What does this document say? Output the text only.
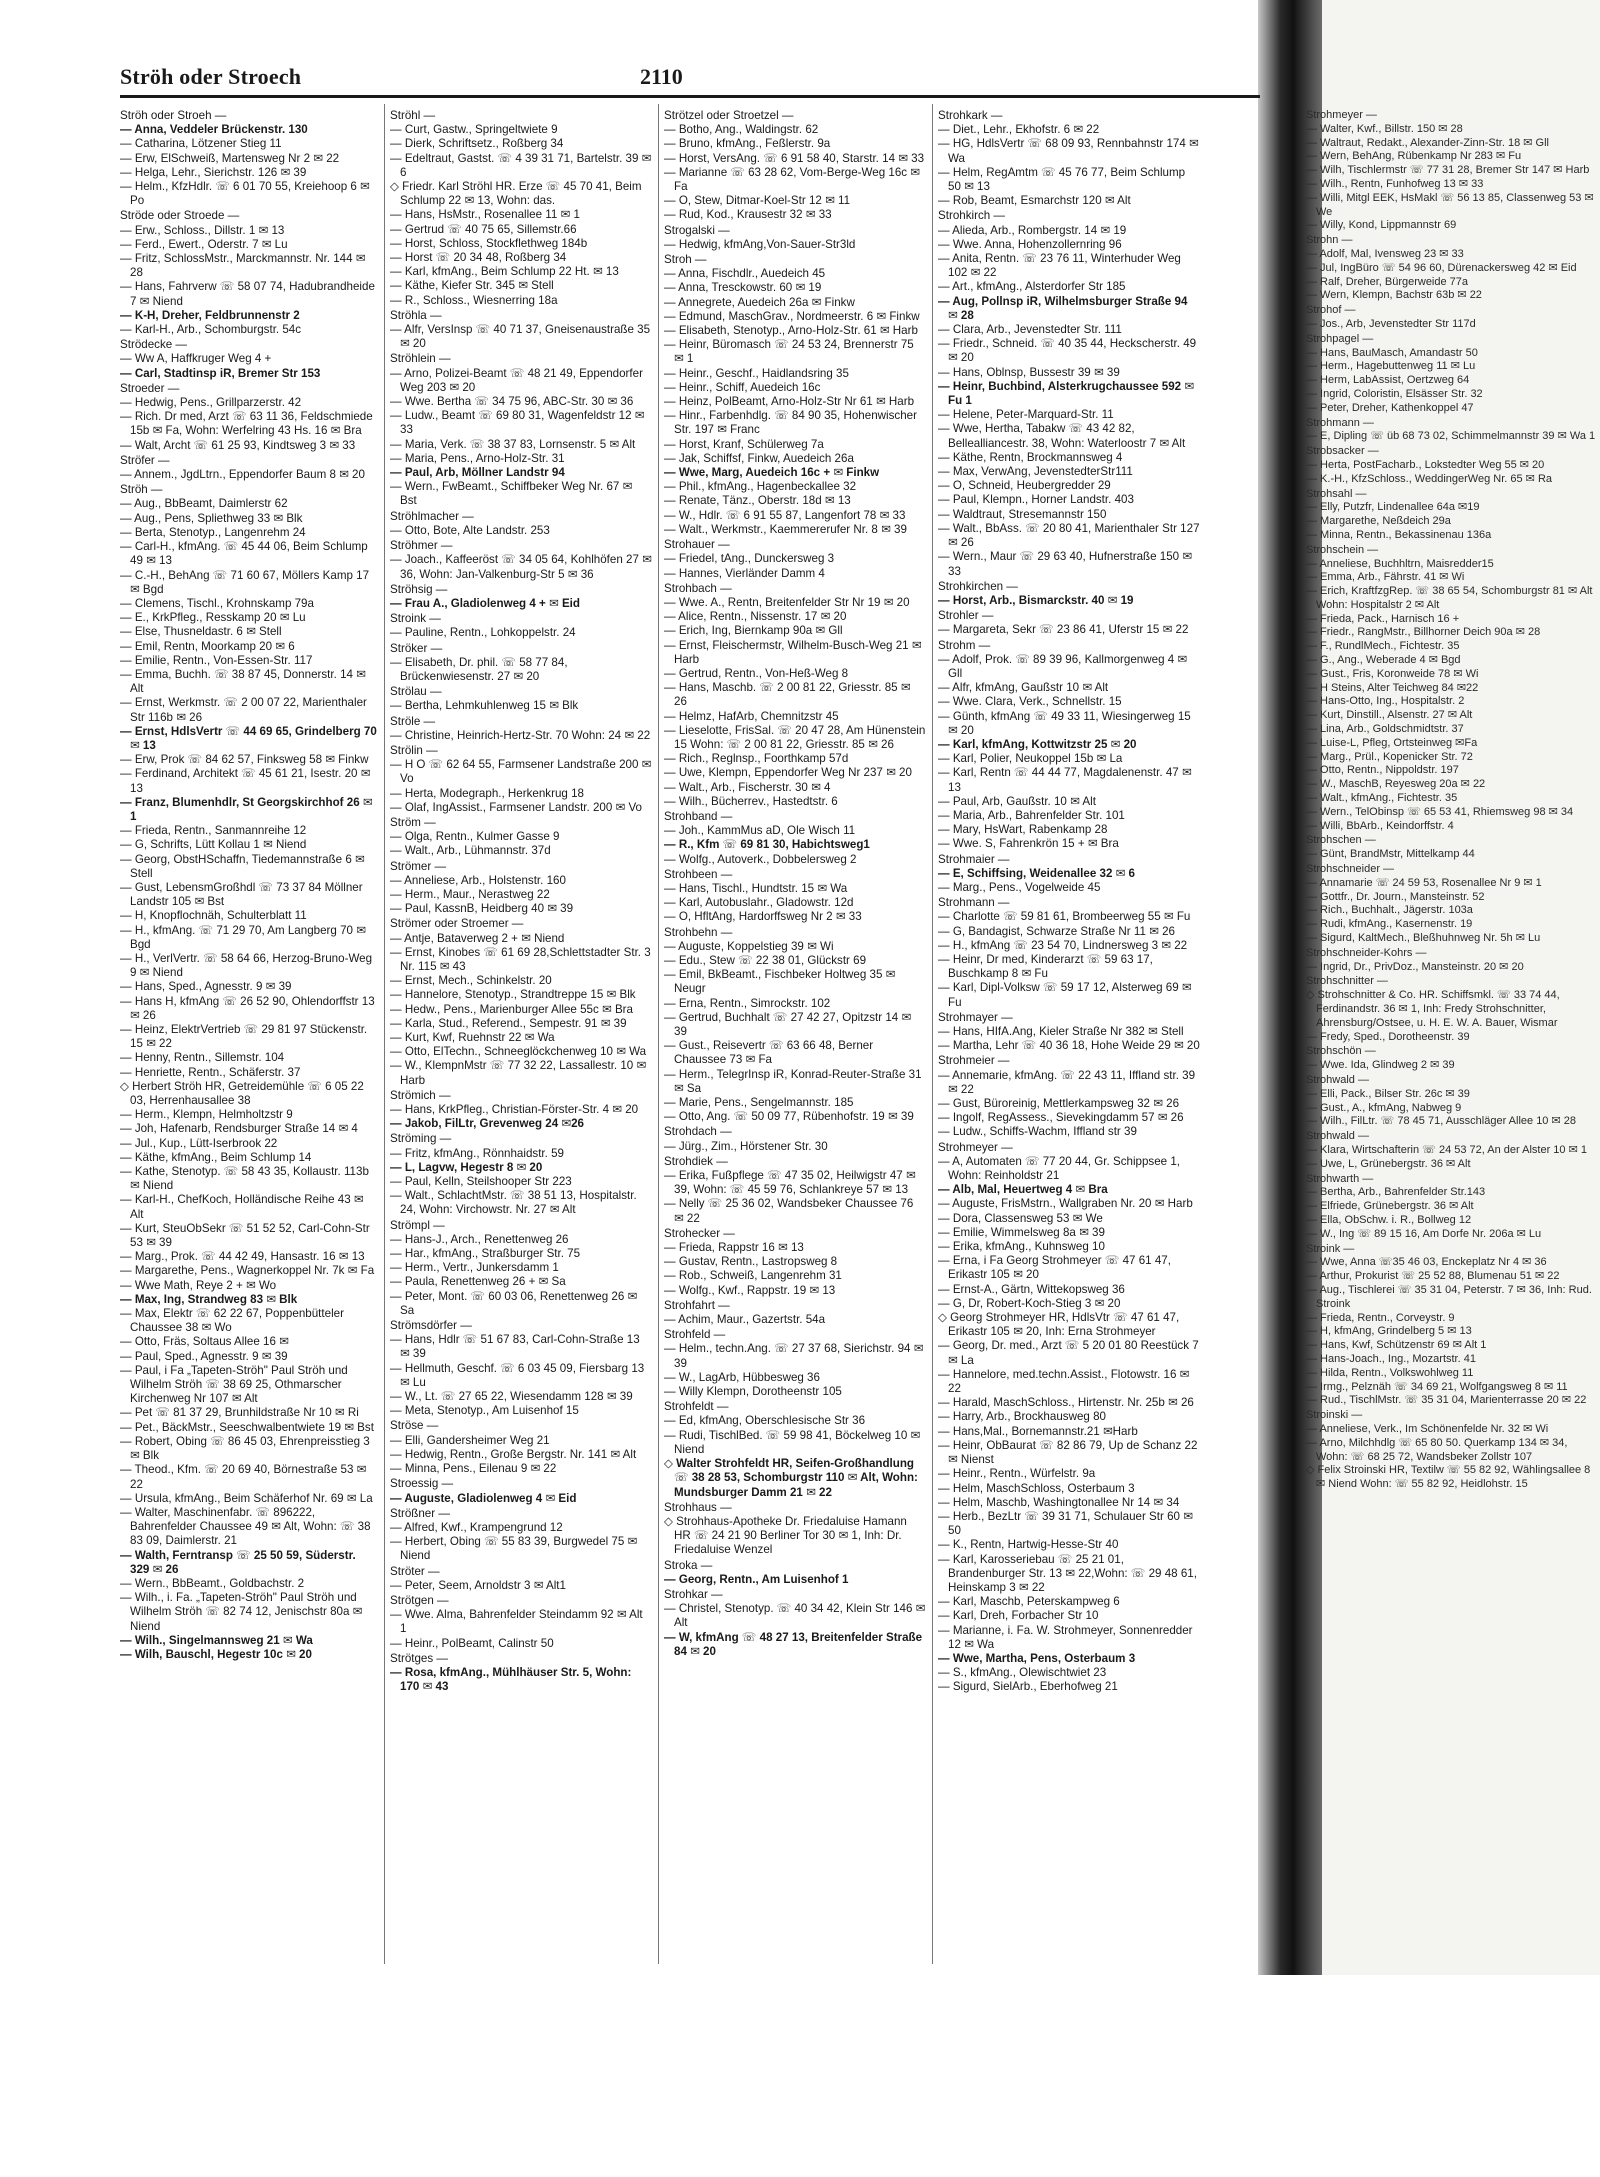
Ströh oder Stroech	2110

Ströh oder Stroeh —

— Anna, Veddeler Brückenstr. 130

— Catharina, Lötzener Stieg 11

— Erw, ElSchweiß, Martensweg Nr 2 ✉ 22

— Helga, Lehr., Sierichstr. 126 ✉ 39

— Helm., KfzHdlr. ☏ 6 01 70 55, Kreiehoop 6 ✉ Po

Ströde oder Stroede —

— Erw., Schloss., Dillstr. 1 ✉ 13

— Ferd., Ewert., Oderstr. 7 ✉ Lu

— Fritz, SchlossMstr., Marckmannstr. Nr. 144 ✉ 28

— Hans, Fahrverw ☏ 58 07 74, Hadubrandheide 7 ✉ Niend

— K-H, Dreher, Feldbrunnenstr 2

— Karl-H., Arb., Schomburgstr. 54c

Strödecke —

— Ww A, Haffkruger Weg 4 +

— Carl, Stadtinsp iR, Bremer Str 153

Stroeder —

— Hedwig, Pens., Grillparzerstr. 42

— Rich. Dr med, Arzt ☏ 63 11 36, Feldschmiede 15b ✉ Fa, Wohn: Werfelring 43 Hs. 16 ✉ Bra

— Walt, Archt ☏ 61 25 93, Kindtsweg 3 ✉ 33

Ströfer —

— Annem., JgdLtrn., Eppendorfer Baum 8 ✉ 20

Ströh —

— Aug., BbBeamt, Daimlerstr 62

— Aug., Pens, Spliethweg 33 ✉ Blk

— Berta, Stenotyp., Langenrehm 24

— Carl-H., kfmAng. ☏ 45 44 06, Beim Schlump 49 ✉ 13

— C.-H., BehAng ☏ 71 60 67, Möllers Kamp 17 ✉ Bgd

— Clemens, Tischl., Krohnskamp 79a

— E., KrkPfleg., Resskamp 20 ✉ Lu

— Else, Thusneldastr. 6 ✉ Stell

— Emil, Rentn, Moorkamp 20 ✉ 6

— Emilie, Rentn., Von-Essen-Str. 117

— Emma, Buchh. ☏ 38 87 45, Donnerstr. 14 ✉ Alt

— Ernst, Werkmstr. ☏ 2 00 07 22, Marienthaler Str 116b ✉ 26

— Ernst, HdlsVertr ☏ 44 69 65, Grindelberg 70 ✉ 13

— Erw, Prok ☏ 84 62 57, Finksweg 58 ✉ Finkw

— Ferdinand, Architekt ☏ 45 61 21, Isestr. 20 ✉ 13

— Franz, Blumenhdlr, St Georgskirchhof 26 ✉ 1

— Frieda, Rentn., Sanmannreihe 12

— G, Schrifts, Lütt Kollau 1 ✉ Niend

— Georg, ObstHSchaffn, Tiedemannstraße 6 ✉ Stell

— Gust, LebensmGroßhdl ☏ 73 37 84 Möllner Landstr 105 ✉ Bst

— H, Knopflochnäh, Schulterblatt 11

— H., kfmAng. ☏ 71 29 70, Am Langberg 70 ✉ Bgd

— H., VerlVertr. ☏ 58 64 66, Herzog-Bruno-Weg 9 ✉ Niend

— Hans, Sped., Agnesstr. 9 ✉ 39

— Hans H, kfmAng ☏ 26 52 90, Ohlendorffstr 13 ✉ 26

— Heinz, ElektrVertrieb ☏ 29 81 97 Stückenstr. 15 ✉ 22

— Henny, Rentn., Sillemstr. 104

— Henriette, Rentn., Schäferstr. 37

◇ Herbert Ströh HR, Getreidemühle ☏ 6 05 22 03, Herrenhausallee 38

— Herm., Klempn, Helmholtzstr 9

— Joh, Hafenarb, Rendsburger Straße 14 ✉ 4

— Jul., Kup., Lütt-Iserbrook 22

— Käthe, kfmAng., Beim Schlump 14

— Kathe, Stenotyp. ☏ 58 43 35, Kollaustr. 113b ✉ Niend

— Karl-H., ChefKoch, Holländische Reihe 43 ✉ Alt

— Kurt, SteuObSekr ☏ 51 52 52, Carl-Cohn-Str 53 ✉ 39

— Marg., Prok. ☏ 44 42 49, Hansastr. 16 ✉ 13

— Margarethe, Pens., Wagnerkoppel Nr. 7k ✉ Fa

— Wwe Math, Reye 2 + ✉ Wo

— Max, Ing, Strandweg 83 ✉ Blk

— Max, Elektr ☏ 62 22 67, Poppenbütteler Chaussee 38 ✉ Wo

— Otto, Fräs, Soltaus Allee 16 ✉

— Paul, Sped., Agnesstr. 9 ✉ 39

— Paul, i Fa „Tapeten-Ströh" Paul Ströh und Wilhelm Ströh ☏ 38 69 25, Othmarscher Kirchenweg Nr 107 ✉ Alt

— Pet ☏ 81 37 29, Brunhildstraße Nr 10 ✉ Ri

— Pet., BäckMstr., Seeschwalbentwiete 19 ✉ Bst

— Robert, Obing ☏ 86 45 03, Ehrenpreisstieg 3 ✉ Blk

— Theod., Kfm. ☏ 20 69 40, Börnestraße 53 ✉ 22

— Ursula, kfmAng., Beim Schäferhof Nr. 69 ✉ La

— Walter, Maschinenfabr. ☏ 896222, Bahrenfelder Chaussee 49 ✉ Alt, Wohn: ☏ 38 83 09, Daimlerstr. 21

— Walth, Ferntransp ☏ 25 50 59, Süderstr. 329 ✉ 26

— Wern., BbBeamt., Goldbachstr. 2

— Wilh., i. Fa. „Tapeten-Ströh" Paul Ströh und Wilhelm Ströh ☏ 82 74 12, Jenischstr 80a ✉ Niend

— Wilh., Singelmannsweg 21 ✉ Wa

— Wilh, Bauschl, Hegestr 10c ✉ 20

Ströhl —

— Curt, Gastw., Springeltwiete 9

— Dierk, Schriftsetz., Roßberg 34

— Edeltraut, Gastst. ☏ 4 39 31 71, Bartelstr. 39 ✉ 6

◇ Friedr. Karl Ströhl HR. Erze ☏ 45 70 41, Beim Schlump 22 ✉ 13, Wohn: das.

— Hans, HsMstr., Rosenallee 11 ✉ 1

— Gertrud ☏ 40 75 65, Sillemstr.66

— Horst, Schloss, Stockflethweg 184b

— Horst ☏ 20 34 48, Roßberg 34

— Karl, kfmAng., Beim Schlump 22 Ht. ✉ 13

— Käthe, Kiefer Str. 345 ✉ Stell

— R., Schloss., Wiesnerring 18a

Ströhla —

— Alfr, VersInsp ☏ 40 71 37, Gneisenaustraße 35 ✉ 20

Ströhlein —

— Arno, Polizei-Beamt ☏ 48 21 49, Eppendorfer Weg 203 ✉ 20

— Wwe. Bertha ☏ 34 75 96, ABC-Str. 30 ✉ 36

— Ludw., Beamt ☏ 69 80 31, Wagenfeldstr 12 ✉ 33

— Maria, Verk. ☏ 38 37 83, Lornsenstr. 5 ✉ Alt

— Maria, Pens., Arno-Holz-Str. 31

— Paul, Arb, Möllner Landstr 94

— Wern., FwBeamt., Schiffbeker Weg Nr. 67 ✉ Bst

Ströhlmacher —

— Otto, Bote, Alte Landstr. 253

Ströhmer —

— Joach., Kaffeeröst ☏ 34 05 64, Kohlhöfen 27 ✉ 36, Wohn: Jan-Valkenburg-Str 5 ✉ 36

Ströhsig —

— Frau A., Gladiolenweg 4 + ✉ Eid

Stroink —

— Pauline, Rentn., Lohkoppelstr. 24

Ströker —

— Elisabeth, Dr. phil. ☏ 58 77 84, Brückenwiesenstr. 27 ✉ 20

Strölau —

— Bertha, Lehmkuhlenweg 15 ✉ Blk

Ströle —

— Christine, Heinrich-Hertz-Str. 70 Wohn: 24 ✉ 22

Strölin —

— H O ☏ 62 64 55, Farmsener Landstraße 200 ✉ Vo

— Herta, Modegraph., Herkenkrug 18

— Olaf, IngAssist., Farmsener Landstr. 200 ✉ Vo

Ström —

— Olga, Rentn., Kulmer Gasse 9

— Walt., Arb., Lühmannstr. 37d

Strömer —

— Anneliese, Arb., Holstenstr. 160

— Herm., Maur., Nerastweg 22

— Paul, KassnB, Heidberg 40 ✉ 39

Strömer oder Stroemer —

— Antje, Bataverweg 2 + ✉ Niend

— Ernst, Kinobes ☏ 61 69 28,Schlettstadter Str. 3 Nr. 115 ✉ 43

— Ernst, Mech., Schinkelstr. 20

— Hannelore, Stenotyp., Strandtreppe 15 ✉ Blk

— Hedw., Pens., Marienburger Allee 55c ✉ Bra

— Karla, Stud., Referend., Sempestr. 91 ✉ 39

— Kurt, Kwf, Ruehnstr 22 ✉ Wa

— Otto, ElTechn., Schneeglöckchenweg 10 ✉ Wa

— W., KlempnMstr ☏ 77 32 22, Lassallestr. 10 ✉ Harb

Strömich —

— Hans, KrkPfleg., Christian-Förster-Str. 4 ✉ 20

— Jakob, FilLtr, Grevenweg 24 ✉26

Ströming —

— Fritz, kfmAng., Rönnhaidstr. 59

— L, Lagvw, Hegestr 8 ✉ 20

— Paul, Kelln, Steilshooper Str 223

— Walt., SchlachtMstr. ☏ 38 51 13, Hospitalstr. 24, Wohn: Virchowstr. Nr. 27 ✉ Alt

Strömpl —

— Hans-J., Arch., Renettenweg 26

— Har., kfmAng., Straßburger Str. 75

— Herm., Vertr., Junkersdamm 1

— Paula, Renettenweg 26 + ✉ Sa

— Peter, Mont. ☏ 60 03 06, Renettenweg 26 ✉ Sa

Strömsdörfer —

— Hans, Hdlr ☏ 51 67 83, Carl-Cohn-Straße 13 ✉ 39

— Hellmuth, Geschf. ☏ 6 03 45 09, Fiersbarg 13 ✉ Lu

— W., Lt. ☏ 27 65 22, Wiesendamm 128 ✉ 39

— Meta, Stenotyp., Am Luisenhof 15

Ströse —

— Elli, Gandersheimer Weg 21

— Hedwig, Rentn., Große Bergstr. Nr. 141 ✉ Alt

— Minna, Pens., Eilenau 9 ✉ 22

Stroessig —

— Auguste, Gladiolenweg 4 ✉ Eid

Strößner —

— Alfred, Kwf., Krampengrund 12

— Herbert, Obing ☏ 55 83 39, Burgwedel 75 ✉ Niend

Ströter —

— Peter, Seem, Arnoldstr 3 ✉ Alt1

Strötgen —

— Wwe. Alma, Bahrenfelder Steindamm 92 ✉ Alt 1

— Heinr., PolBeamt, Calinstr 50

Strötges —

— Rosa, kfmAng., Mühlhäuser Str. 5, Wohn: 170 ✉ 43

Strötzel oder Stroetzel —

— Botho, Ang., Waldingstr. 62

— Bruno, kfmAng., Feßlerstr. 9a

— Horst, VersAng. ☏ 6 91 58 40, Starstr. 14 ✉ 33

— Marianne ☏ 63 28 62, Vom-Berge-Weg 16c ✉ Fa

— O, Stew, Ditmar-Koel-Str 12 ✉ 11

— Rud, Kod., Krausestr 32 ✉ 33

Strogalski —

— Hedwig, kfmAng,Von-Sauer-Str3ld

Stroh —

— Anna, Fischdlr., Auedeich 45

— Anna, Tresckowstr. 60 ✉ 19

— Annegrete, Auedeich 26a ✉ Finkw

— Edmund, MaschGrav., Nordmeerstr. 6 ✉ Finkw

— Elisabeth, Stenotyp., Arno-Holz-Str. 61 ✉ Harb

— Heinr, Büromasch ☏ 24 53 24, Brennerstr 75 ✉ 1

— Heinr., Geschf., Haidlandsring 35

— Heinr., Schiff, Auedeich 16c

— Heinz, PolBeamt, Arno-Holz-Str Nr 61 ✉ Harb

— Hinr., Farbenhdlg. ☏ 84 90 35, Hohenwischer Str. 197 ✉ Franc

— Horst, Kranf, Schülerweg 7a

— Jak, Schiffsf, Finkw, Auedeich 26a

— Wwe, Marg, Auedeich 16c + ✉ Finkw

— Phil., kfmAng., Hagenbeckallee 32

— Renate, Tänz., Oberstr. 18d ✉ 13

— W., Hdlr. ☏ 6 91 55 87, Langenfort 78 ✉ 33

— Walt., Werkmstr., Kaemmererufer Nr. 8 ✉ 39

Strohauer —

— Friedel, tAng., Dunckersweg 3

— Hannes, Vierländer Damm 4

Strohbach —

— Wwe. A., Rentn, Breitenfelder Str Nr 19 ✉ 20

— Alice, Rentn., Nissenstr. 17 ✉ 20

— Erich, Ing, Biernkamp 90a ✉ Gll

— Ernst, Fleischermstr, Wilhelm-Busch-Weg 21 ✉ Harb

— Gertrud, Rentn., Von-Heß-Weg 8

— Hans, Maschb. ☏ 2 00 81 22, Griesstr. 85 ✉ 26

— Helmz, HafArb, Chemnitzstr 45

— Lieselotte, FrisSal. ☏ 20 47 28, Am Hünenstein 15 Wohn: ☏ 2 00 81 22, Griesstr. 85 ✉ 26

— Rich., Reglnsp., Foorthkamp 57d

— Uwe, Klempn, Eppendorfer Weg Nr 237 ✉ 20

— Walt., Arb., Fischerstr. 30 ✉ 4

— Wilh., Bücherrev., Hastedtstr. 6

Strohband —

— Joh., KammMus aD, Ole Wisch 11

— R., Kfm ☏ 69 81 30, Habichtsweg1

— Wolfg., Autoverk., Dobbelersweg 2

Strohbeen —

— Hans, Tischl., Hundtstr. 15 ✉ Wa

— Karl, Autobuslahr., Gladowstr. 12d

— O, HfltAng, Hardorffsweg Nr 2 ✉ 33

Strohbehn —

— Auguste, Koppelstieg 39 ✉ Wi

— Edu., Stew ☏ 22 38 01, Glückstr 69

— Emil, BkBeamt., Fischbeker Holtweg 35 ✉ Neugr

— Erna, Rentn., Simrockstr. 102

— Gertrud, Buchhalt ☏ 27 42 27, Opitzstr 14 ✉ 39

— Gust., Reisevertr ☏ 63 66 48, Berner Chaussee 73 ✉ Fa

— Herm., TelegrInsp iR, Konrad-Reuter-Straße 31 ✉ Sa

— Marie, Pens., Sengelmannstr. 185

— Otto, Ang. ☏ 50 09 77, Rübenhofstr. 19 ✉ 39

Strohdach —

— Jürg., Zim., Hörstener Str. 30

Strohdiek —

— Erika, Fußpflege ☏ 47 35 02, Heilwigstr 47 ✉ 39, Wohn: ☏ 45 59 76, Schlankreye 57 ✉ 13

— Nelly ☏ 25 36 02, Wandsbeker Chaussee 76 ✉ 22

Strohecker —

— Frieda, Rappstr 16 ✉ 13

— Gustav, Rentn., Lastropsweg 8

— Rob., Schweiß, Langenrehm 31

— Wolfg., Kwf., Rappstr. 19 ✉ 13

Strohfahrt —

— Achim, Maur., Gazertstr. 54a

Strohfeld —

— Helm., techn.Ang. ☏ 27 37 68, Sierichstr. 94 ✉ 39

— W., LagArb, Hübbesweg 36

— Willy Klempn, Dorotheenstr 105

Strohfeldt —

— Ed, kfmAng, Oberschlesische Str 36

— Rudi, TischlBed. ☏ 59 98 41, Böckelweg 10 ✉ Niend

◇ Walter Strohfeldt HR, Seifen-Großhandlung ☏ 38 28 53, Schomburgstr 110 ✉ Alt, Wohn: Mundsburger Damm 21 ✉ 22

Strohhaus —

◇ Strohhaus-Apotheke Dr. Friedaluise Hamann HR ☏ 24 21 90 Berliner Tor 30 ✉ 1, Inh: Dr. Friedaluise Wenzel

Stroka —

— Georg, Rentn., Am Luisenhof 1

Strohkar —

— Christel, Stenotyp. ☏ 40 34 42, Klein Str 146 ✉ Alt

— W, kfmAng ☏ 48 27 13, Breitenfelder Straße 84 ✉ 20

Strohkark —

— Diet., Lehr., Ekhofstr. 6 ✉ 22

— HG, HdlsVertr ☏ 68 09 93, Rennbahnstr 174 ✉ Wa

— Helm, RegAmtm ☏ 45 76 77, Beim Schlump 50 ✉ 13

— Rob, Beamt, Esmarchstr 120 ✉ Alt

Strohkirch —

— Alieda, Arb., Rombergstr. 14 ✉ 19

— Wwe. Anna, Hohenzollernring 96

— Anita, Rentn. ☏ 23 76 11, Winterhuder Weg 102 ✉ 22

— Art., kfmAng., Alsterdorfer Str 185

— Aug, Pollnsp iR, Wilhelmsburger Straße 94 ✉ 28

— Clara, Arb., Jevenstedter Str. 111

— Friedr., Schneid. ☏ 40 35 44, Heckscherstr. 49 ✉ 20

— Hans, Oblnsp, Bussestr 39 ✉ 39

— Heinr, Buchbind, Alsterkrugchaussee 592 ✉ Fu 1

— Helene, Peter-Marquard-Str. 11

— Wwe, Hertha, Tabakw ☏ 43 42 82, Bellealliancestr. 38, Wohn: Waterloostr 7 ✉ Alt

— Käthe, Rentn, Brockmannsweg 4

— Max, VerwAng, JevenstedterStr111

— O, Schneid, Heubergredder 29

— Paul, Klempn., Horner Landstr. 403

— Waldtraut, Stresemannstr 150

— Walt., BbAss. ☏ 20 80 41, Marienthaler Str 127 ✉ 26

— Wern., Maur ☏ 29 63 40, Hufnerstraße 150 ✉ 33

Strohkirchen —

— Horst, Arb., Bismarckstr. 40 ✉ 19

Strohler —

— Margareta, Sekr ☏ 23 86 41, Uferstr 15 ✉ 22

Strohm —

— Adolf, Prok. ☏ 89 39 96, Kallmorgenweg 4 ✉ Gll

— Alfr, kfmAng, Gaußstr 10 ✉ Alt

— Wwe. Clara, Verk., Schnellstr. 15

— Günth, kfmAng ☏ 49 33 11, Wiesingerweg 15 ✉ 20

— Karl, kfmAng, Kottwitzstr 25 ✉ 20

— Karl, Polier, Neukoppel 15b ✉ La

— Karl, Rentn ☏ 44 44 77, Magdalenenstr. 47 ✉ 13

— Paul, Arb, Gaußstr. 10 ✉ Alt

— Maria, Arb., Bahrenfelder Str. 101

— Mary, HsWart, Rabenkamp 28

— Wwe. S, Fahrenkrön 15 + ✉ Bra

Strohmaier —

— E, Schiffsing, Weidenallee 32 ✉ 6

— Marg., Pens., Vogelweide 45

Strohmann —

— Charlotte ☏ 59 81 61, Brombeerweg 55 ✉ Fu

— G, Bandagist, Schwarze Straße Nr 11 ✉ 26

— H., kfmAng ☏ 23 54 70, Lindnersweg 3 ✉ 22

— Heinr, Dr med, Kinderarzt ☏ 59 63 17, Buschkamp 8 ✉ Fu

— Karl, Dipl-Volksw ☏ 59 17 12, Alsterweg 69 ✉ Fu

Strohmayer —

— Hans, HIfA.Ang, Kieler Straße Nr 382 ✉ Stell

— Martha, Lehr ☏ 40 36 18, Hohe Weide 29 ✉ 20

Strohmeier —

— Annemarie, kfmAng. ☏ 22 43 11, Iffland str. 39 ✉ 22

— Gust, Büroreinig, Mettlerkampsweg 32 ✉ 26

— Ingolf, RegAssess., Sievekingdamm 57 ✉ 26

— Ludw., Schiffs-Wachm, Iffland str 39

Strohmeyer —

— A, Automaten ☏ 77 20 44, Gr. Schippsee 1, Wohn: Reinholdstr 21

— Alb, Mal, Heuertweg 4 ✉ Bra

— Auguste, FrisMstrn., Wallgraben Nr. 20 ✉ Harb

— Dora, Classensweg 53 ✉ We

— Emilie, Wimmelsweg 8a ✉ 39

— Erika, kfmAng., Kuhnsweg 10

— Erna, i Fa Georg Strohmeyer ☏ 47 61 47, Erikastr 105 ✉ 20

— Ernst-A., Gärtn, Wittekopsweg 36

— G, Dr, Robert-Koch-Stieg 3 ✉ 20

◇ Georg Strohmeyer HR, HdlsVtr ☏ 47 61 47, Erikastr 105 ✉ 20, Inh: Erna Strohmeyer

— Georg, Dr. med., Arzt ☏ 5 20 01 80 Reestück 7 ✉ La

— Hannelore, med.techn.Assist., Flotowstr. 16 ✉ 22

— Harald, MaschSchloss., Hirtenstr. Nr. 25b ✉ 26

— Harry, Arb., Brockhausweg 80

— Hans,Mal., Bornemannstr.21 ✉Harb

— Heinr, ObBaurat ☏ 82 86 79, Up de Schanz 22 ✉ Nienst

— Heinr., Rentn., Würfelstr. 9a

— Helm, MaschSchloss, Osterbaum 3

— Helm, Maschb, Washingtonallee Nr 14 ✉ 34

— Herb., BezLtr ☏ 39 31 71, Schulauer Str 60 ✉ 50

— K., Rentn, Hartwig-Hesse-Str 40

— Karl, Karosseriebau ☏ 25 21 01, Brandenburger Str. 13 ✉ 22,Wohn: ☏ 29 48 61, Heinskamp 3 ✉ 22

— Karl, Maschb, Peterskampweg 6

— Karl, Dreh, Forbacher Str 10

— Marianne, i. Fa. W. Strohmeyer, Sonnenredder 12 ✉ Wa

— Wwe, Martha, Pens, Osterbaum 3

— S., kfmAng., Olewischtwiet 23

— Sigurd, SielArb., Eberhofweg 21

Strohmeyer —

— Walter, Kwf., Billstr. 150 ✉ 28

— Waltraut, Redakt., Alexander-Zinn-Str. 18 ✉ Gll

— Wern, BehAng, Rübenkamp Nr 283 ✉ Fu

— Wilh, Tischlermstr ☏ 77 31 28, Bremer Str 147 ✉ Harb

— Wilh., Rentn, Funhofweg 13 ✉ 33

— Willi, Mitgl EEK, HsMakl ☏ 56 13 85, Classenweg 53 ✉ We

— Willy, Kond, Lippmannstr 69

Strohn —

— Adolf, Mal, Ivensweg 23 ✉ 33

— Jul, IngBüro ☏ 54 96 60, Dürenackersweg 42 ✉ Eid

— Ralf, Dreher, Bürgerweide 77a

— Wern, Klempn, Bachstr 63b ✉ 22

Strohof —

— Jos., Arb, Jevenstedter Str 117d

Strohpagel —

— Hans, BauMasch, Amandastr 50

— Herm., Hagebuttenweg 11 ✉ Lu

— Herm, LabAssist, Oertzweg 64

— Ingrid, Coloristin, Elsässer Str. 32

— Peter, Dreher, Kathenkoppel 47

Strohmann —

— E, Dipling ☏ üb 68 73 02, Schimmelmannstr 39 ✉ Wa 1

Strobsacker —

— Herta, PostFacharb., Lokstedter Weg 55 ✉ 20

— K.-H., KfzSchloss., WeddingerWeg Nr. 65 ✉ Ra

Strohsahl —

— Elly, Putzfr, Lindenallee 64a ✉19

— Margarethe, Neßdeich 29a

— Minna, Rentn., Bekassinenau 136a

Strohschein —

— Anneliese, Buchhltrn, Maisredder15

— Emma, Arb., Fährstr. 41 ✉ Wi

— Erich, KraftfzgRep. ☏ 38 65 54, Schomburgstr 81 ✉ Alt Wohn: Hospitalstr 2 ✉ Alt

— Frieda, Pack., Harnisch 16 +

— Friedr., RangMstr., Billhorner Deich 90a ✉ 28

— F., RundlMech., Fichtestr. 35

— G., Ang., Weberade 4 ✉ Bgd

— Gust., Fris, Koronweide 78 ✉ Wi

— H Steins, Alter Teichweg 84 ✉22

— Hans-Otto, Ing., Hospitalstr. 2

— Kurt, Dinstill., Alsenstr. 27 ✉ Alt

— Lina, Arb., Goldschmidtstr. 37

— Luise-L, Pfleg, Ortsteinweg ✉Fa

— Marg., Prül., Kopenicker Str. 72

— Otto, Rentn., Nippoldstr. 197

— W., MaschB, Reyesweg 20a ✉ 22

— Walt., kfmAng., Fichtestr. 35

— Wern., TelObinsp ☏ 65 53 41, Rhiemsweg 98 ✉ 34

— Willi, BbArb., Keindorffstr. 4

Strohschen —

— Günt, BrandMstr, Mittelkamp 44

Strohschneider —

— Annamarie ☏ 24 59 53, Rosenallee Nr 9 ✉ 1

— Gottfr., Dr. Journ., Mansteinstr. 52

— Rich., Buchhalt., Jägerstr. 103a

— Rudi, kfmAng., Kasernenstr. 19

— Sigurd, KaltMech., Bleßhuhnweg Nr. 5h ✉ Lu

Strohschneider-Kohrs —

— Ingrid, Dr., PrivDoz., Mansteinstr. 20 ✉ 20

Strohschnitter —

◇ Strohschnitter & Co. HR. Schiffsmkl. ☏ 33 74 44, Ferdinandstr. 36 ✉ 1, Inh: Fredy Strohschnitter, Ahrensburg/Ostsee, u. H. E. W. A. Bauer, Wismar

— Fredy, Sped., Dorotheenstr. 39

Strohschön —

— Wwe. Ida, Glindweg 2 ✉ 39

Strohwald —

— Elli, Pack., Bilser Str. 26c ✉ 39

— Gust., A., kfmAng, Nabweg 9

— Wilh., FilLtr. ☏ 78 45 71, Ausschläger Allee 10 ✉ 28

Strohwald —

— Klara, Wirtschafterin ☏ 24 53 72, An der Alster 10 ✉ 1

— Uwe, L, Grünebergstr. 36 ✉ Alt

Strohwarth —

— Bertha, Arb., Bahrenfelder Str.143

— Elfriede, Grünebergstr. 36 ✉ Alt

— Ella, ObSchw. i. R., Bollweg 12

— W., Ing ☏ 89 15 16, Am Dorfe Nr. 206a ✉ Lu

Stroink —

— Wwe, Anna ☏35 46 03, Enckeplatz Nr 4 ✉ 36

— Arthur, Prokurist ☏ 25 52 88, Blumenau 51 ✉ 22

— Aug., Tischlerei ☏ 35 31 04, Peterstr. 7 ✉ 36, Inh: Rud. Stroink

— Frieda, Rentn., Corveystr. 9

— H, kfmAng, Grindelberg 5 ✉ 13

— Hans, Kwf, Schützenstr 69 ✉ Alt 1

— Hans-Joach., Ing., Mozartstr. 41

— Hilda, Rentn., Volkswohlweg 11

— Irmg., Pelznäh ☏ 34 69 21, Wolfgangsweg 8 ✉ 11

— Rud., TischlMstr. ☏ 35 31 04, Marienterrasse 20 ✉ 22

Stroinski —

— Anneliese, Verk., Im Schönenfelde Nr. 32 ✉ Wi

— Arno, Milchhdlg ☏ 65 80 50. Querkamp 134 ✉ 34, Wohn: ☏ 68 25 72, Wandsbeker Zollstr 107

◇ Felix Stroinski HR, Textilw ☏ 55 82 92, Wählingsallee 8 ✉ Niend Wohn: ☏ 55 82 92, Heidlohstr. 15
